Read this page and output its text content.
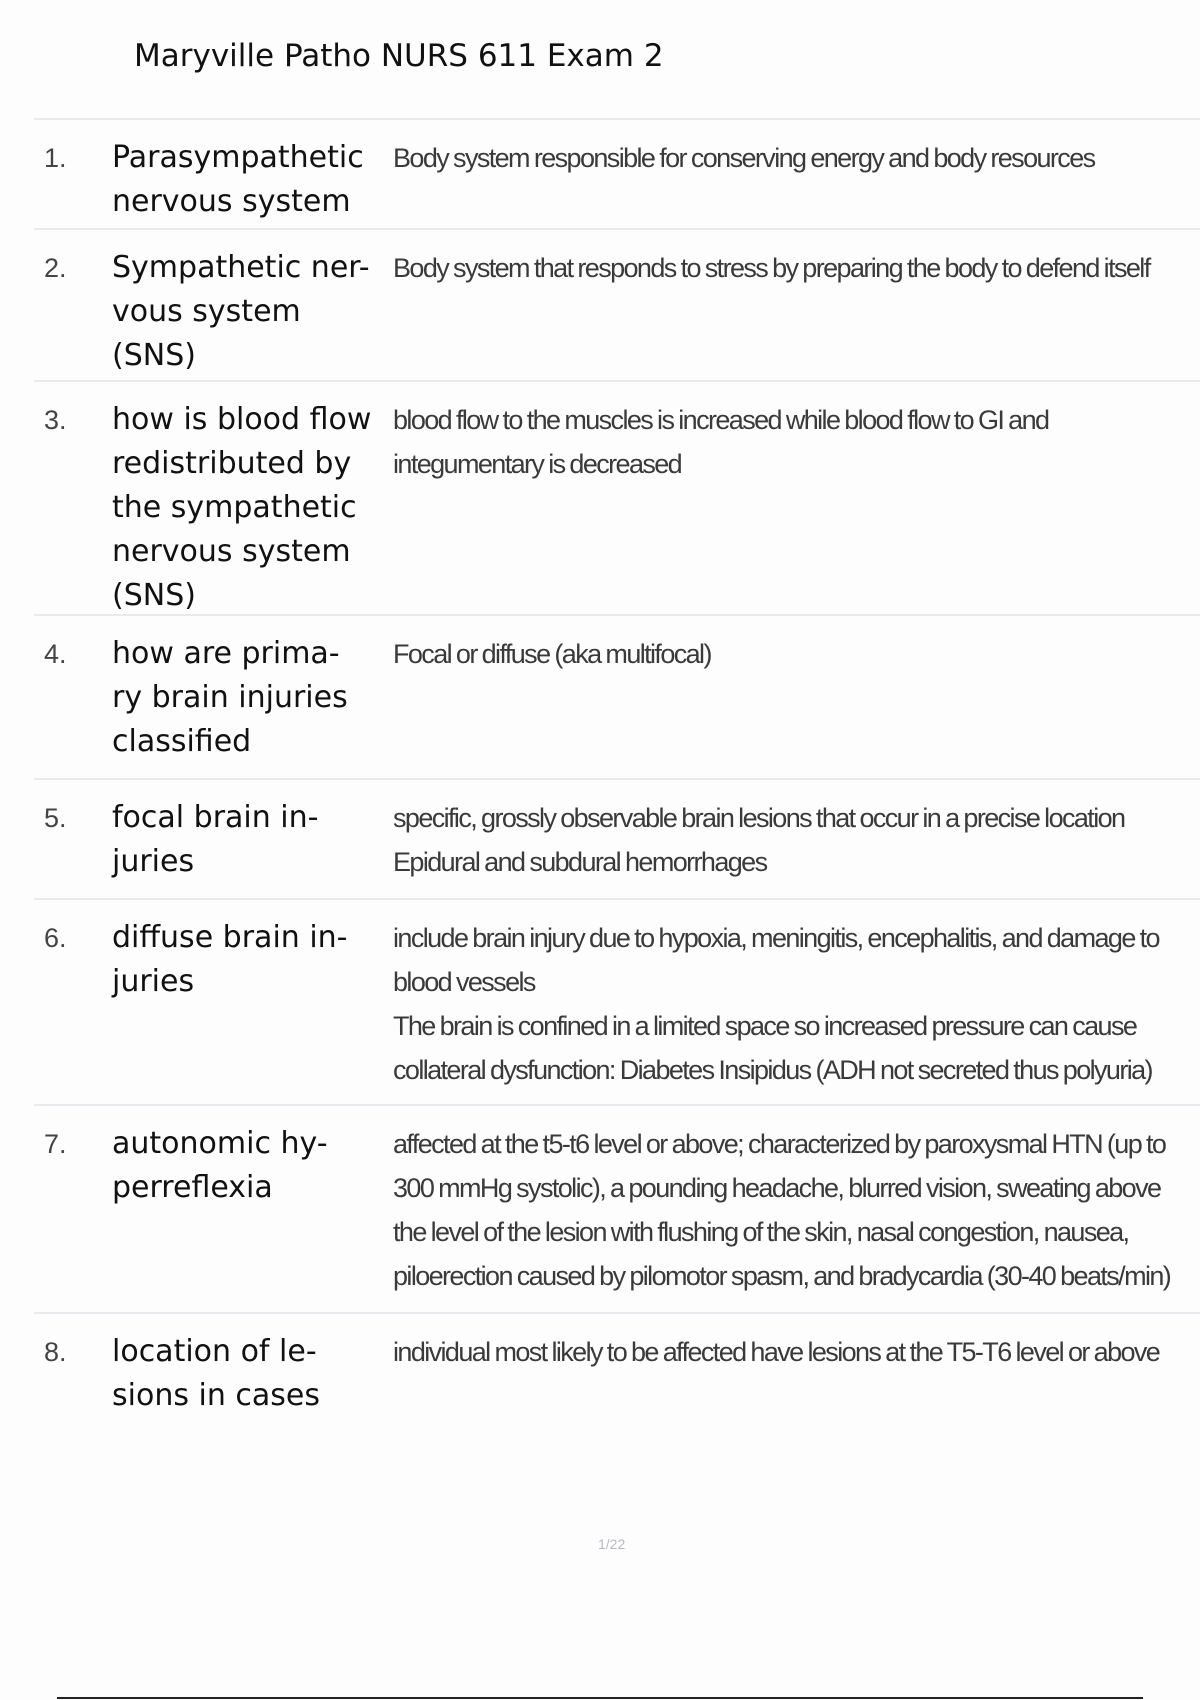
Maryville Patho NURS 611 Exam 2
1.	Parasympathetic
nervous system
Body system responsible for conserving energy and body resources
2.	Sympathetic ner-
vous system
(SNS)
Body system that responds to stress by preparing the body to defend itself
3.	how is blood flow
redistributed by
the sympathetic
nervous system
(SNS)
blood flow to the muscles is increased while blood flow to GI and integumentary is decreased
4.	how are prima-
ry brain injuries
classified
Focal or diffuse (aka multifocal)
5.	focal brain in-
juries
specific, grossly observable brain lesions that occur in a precise location
Epidural and subdural hemorrhages
6.	diffuse brain in-
juries
include brain injury due to hypoxia, meningitis, encephalitis, and damage to blood vessels
The brain is confined in a limited space so increased pressure can cause collateral dysfunction: Diabetes Insipidus (ADH not secreted thus polyuria)
7.	autonomic hy-
perreflexia
affected at the t5-t6 level or above; characterized by paroxysmal HTN (up to 300 mmHg systolic), a pounding headache, blurred vision, sweating above the level of the lesion with flushing of the skin, nasal congestion, nausea, piloerection caused by pilomotor spasm, and bradycardia (30-40 beats/min)
8.	location of le-
sions in cases
individual most likely to be affected have lesions at the T5-T6 level or above
1/22
